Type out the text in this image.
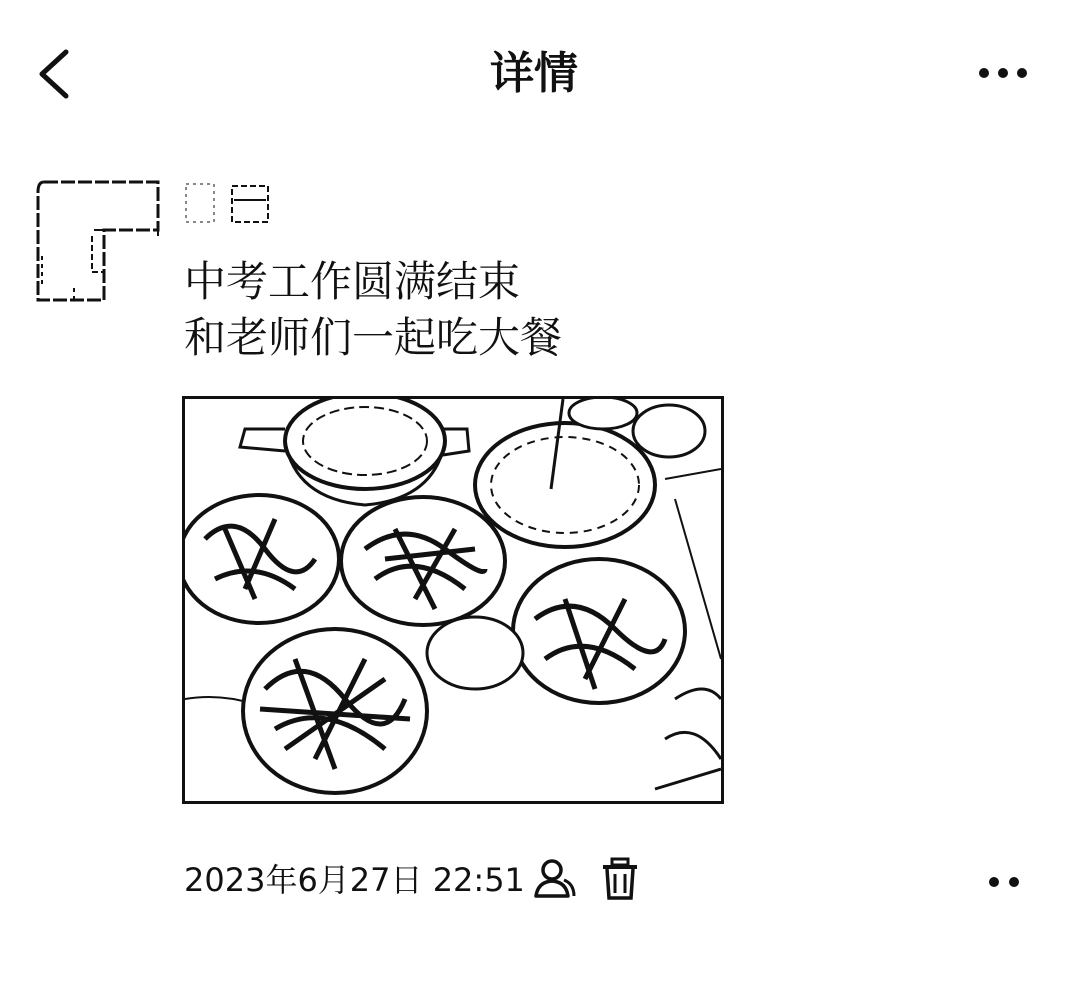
详情
中考工作圆满结束
和老师们一起吃大餐
2023年6月27日 22:51
